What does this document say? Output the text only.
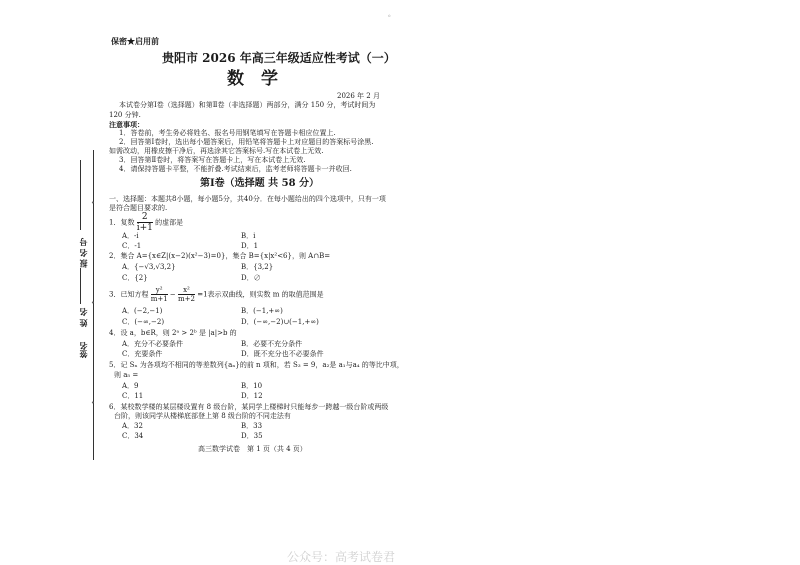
。
报 名 号
姓 名
签名
•
•
•
保密★启用前
贵阳市 2026 年高三年级适应性考试（一）
数　学
2026 年 2 月
本试卷分第Ⅰ卷（选择题）和第Ⅱ卷（非选择题）两部分，满分 150 分，考试时间为
120 分钟.
注意事项：
1．答卷前，考生务必将姓名、报名号用钢笔填写在答题卡相应位置上.
2．回答第Ⅰ卷时，选出每小题答案后，用铅笔将答题卡上对应题目的答案标号涂黑.
如需改动，用橡皮擦干净后，再选涂其它答案标号.写在本试卷上无效.
3．回答第Ⅱ卷时，将答案写在答题卡上，写在本试卷上无效.
4．请保持答题卡平整，不能折叠.考试结束后，监考老师将答题卡一并收回.
第Ⅰ卷（选择题 共 58 分）
一、选择题：本题共8小题，每小题5分，共40分．在每小题给出的四个选项中，只有一项
是符合题目要求的.
1．复数 $\frac{2}{i+1}$ 的虚部是
A．-i	B．i
C．-1	D．1
2．集合 A={x∈Z|(x−2)(x²−3)=0}，集合 B={x|x²<6}，则 A∩B=
A．{−√3,√3,2}	B．{3,2}
C．{2}	D．∅
3．已知方程 $\frac{\text{y²}}{m+1} - \frac{\text{x²}}{m+2} =1$表示双曲线，则实数 m 的取值范围是
A．(−2,−1)	B．(−1,+∞)
C．(−∞,−2)	D．(−∞,−2)∪(−1,+∞)
4．设 a，b∈R，则 2ᵃ > 2ᵇ 是 |a|>b 的
A．充分不必要条件	B．必要不充分条件
C．充要条件	D．既不充分也不必要条件
5．记 Sₙ 为各项均不相同的等差数列{aₙ}的前 n 项和，若 S₃ = 9，a₂是 a₁与a₄ 的等比中项，
则 a₅ =
A．9	B．10
C．11	D．12
6．某校数学楼的某层楼设置有 8 级台阶，某同学上楼梯时只能每步一跨越一级台阶或两级
台阶，则该同学从楼梯底部登上第 8 级台阶的不同走法有
A．32	B．33
C．34	D．35
高三数学试卷　第 1 页（共 4 页）
公众号：高考试卷君
